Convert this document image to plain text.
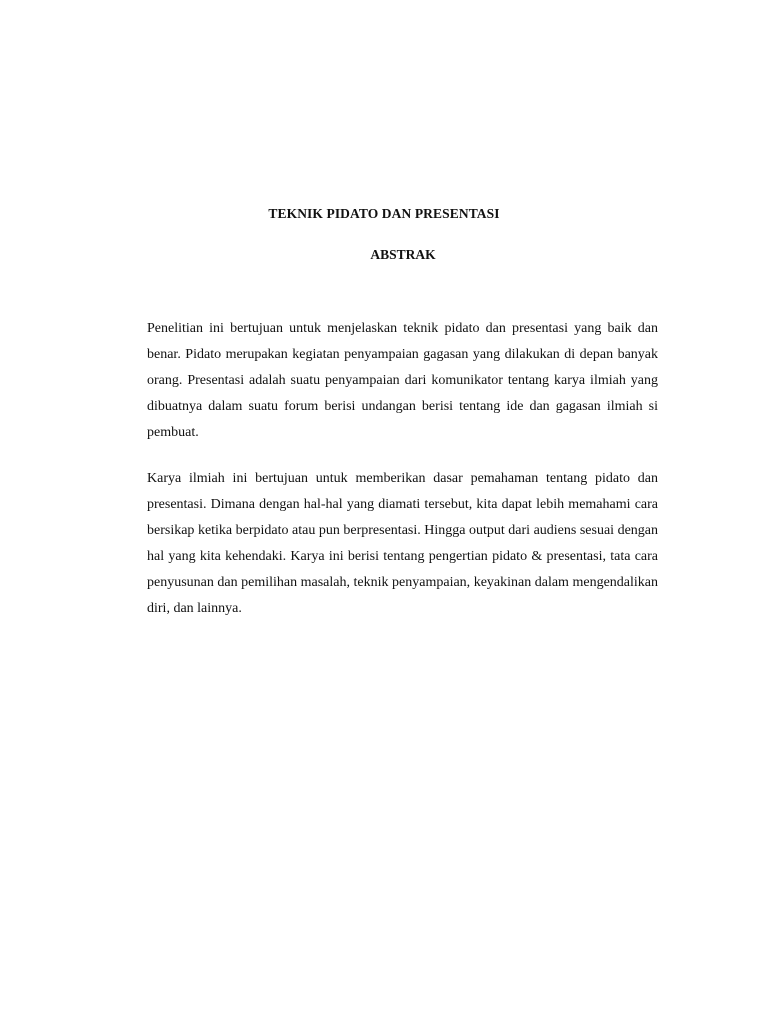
TEKNIK PIDATO DAN PRESENTASI
ABSTRAK

Penelitian ini bertujuan untuk menjelaskan teknik pidato dan presentasi yang baik dan benar. Pidato merupakan kegiatan penyampaian gagasan yang dilakukan di depan banyak orang. Presentasi adalah suatu penyampaian dari komunikator tentang karya ilmiah yang dibuatnya dalam suatu forum berisi undangan berisi tentang ide dan gagasan ilmiah si pembuat.

Karya ilmiah ini bertujuan untuk memberikan dasar pemahaman tentang pidato dan presentasi. Dimana dengan hal-hal yang diamati tersebut, kita dapat lebih memahami cara bersikap ketika berpidato atau pun berpresentasi. Hingga output dari audiens sesuai dengan hal yang kita kehendaki. Karya ini berisi tentang pengertian pidato & presentasi, tata cara penyusunan dan pemilihan masalah, teknik penyampaian, keyakinan dalam mengendalikan diri, dan lainnya.
